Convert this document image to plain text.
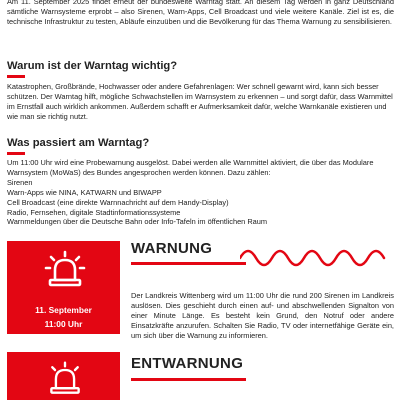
Am 11. September 2025 findet erneut der bundesweite Warntag statt. An diesem Tag werden in ganz Deutschland sämtliche Warnsysteme erprobt – also Sirenen, Warn-Apps, Cell Broadcast und viele weitere Kanäle. Ziel ist es, die technische Infrastruktur zu testen, Abläufe einzuüben und die Bevölkerung für das Thema Warnung zu sensibilisieren.
Warum ist der Warntag wichtig?
Katastrophen, Großbrände, Hochwasser oder andere Gefahrenlagen: Wer schnell gewarnt wird, kann sich besser schützen. Der Warntag hilft, mögliche Schwachstellen im Warnsystem zu erkennen – und sorgt dafür, dass Warnmittel im Ernstfall auch wirklich ankommen. Außerdem schafft er Aufmerksamkeit dafür, welche Warnkanäle existieren und wie man sie richtig nutzt.
Was passiert am Warntag?

Um 11:00 Uhr wird eine Probewarnung ausgelöst. Dabei werden alle Warnmittel aktiviert, die über das Modulare Warnsystem (MoWaS) des Bundes angesprochen werden können. Dazu zählen:

Sirenen

Warn-Apps wie NINA, KATWARN und BIWAPP

Cell Broadcast (eine direkte Warnnachricht auf dem Handy-Display)

Radio, Fernsehen, digitale Stadtinformationssysteme

Warnmeldungen über die Deutsche Bahn oder Info-Tafeln im öffentlichen Raum

11. September
11:00 Uhr
WARNUNG
Der Landkreis Wittenberg wird um 11:00 Uhr die rund 200 Sirenen im Landkreis auslösen. Dies geschieht durch einen auf- und abschwellenden Signalton von einer Minute Länge. Es besteht kein Grund, den Notruf oder andere Einsatzkräfte anzurufen. Schalten Sie Radio, TV oder internetfähige Geräte ein, um sich über die Warnung zu informieren.
ENTWARNUNG
